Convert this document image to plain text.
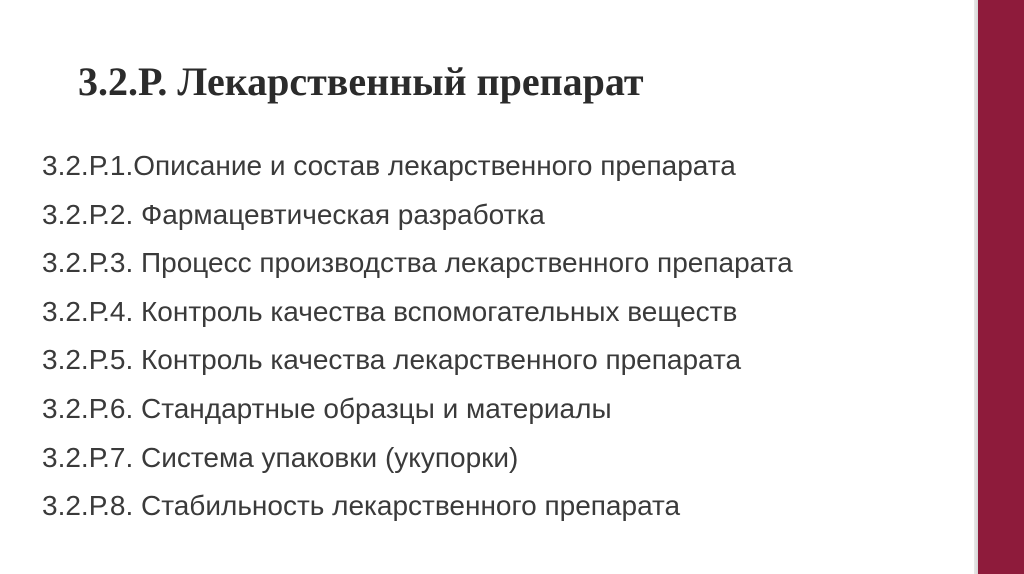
3.2.Р. Лекарственный препарат
3.2.Р.1.Описание и состав лекарственного препарата
3.2.Р.2. Фармацевтическая разработка
3.2.Р.3. Процесс производства лекарственного препарата
3.2.Р.4. Контроль качества вспомогательных веществ
3.2.Р.5. Контроль качества лекарственного препарата
3.2.Р.6. Стандартные образцы и материалы
3.2.Р.7. Система упаковки (укупорки)
3.2.Р.8. Стабильность лекарственного препарата
